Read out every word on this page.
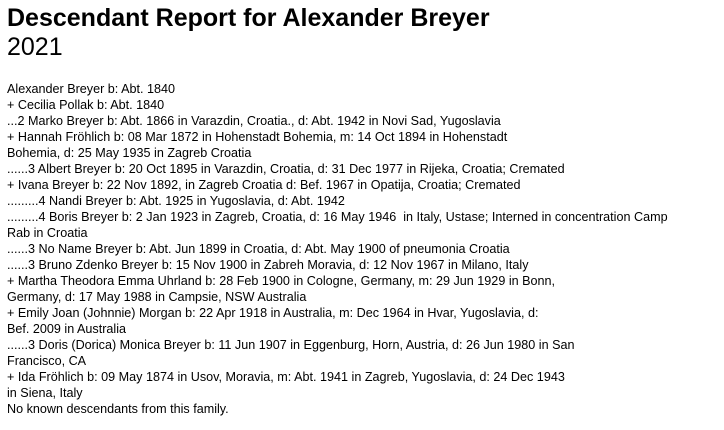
Descendant Report for Alexander Breyer
2021
Alexander Breyer b: Abt. 1840
+ Cecilia Pollak b: Abt. 1840
...2 Marko Breyer b: Abt. 1866 in Varazdin, Croatia., d: Abt. 1942 in Novi Sad, Yugoslavia
+ Hannah Fröhlich b: 08 Mar 1872 in Hohenstadt Bohemia, m: 14 Oct 1894 in Hohenstadt
Bohemia, d: 25 May 1935 in Zagreb Croatia
......3 Albert Breyer b: 20 Oct 1895 in Varazdin, Croatia, d: 31 Dec 1977 in Rijeka, Croatia; Cremated
+ Ivana Breyer b: 22 Nov 1892, in Zagreb Croatia d: Bef. 1967 in Opatija, Croatia; Cremated
.........4 Nandi Breyer b: Abt. 1925 in Yugoslavia, d: Abt. 1942
.........4 Boris Breyer b: 2 Jan 1923 in Zagreb, Croatia, d: 16 May 1946  in Italy, Ustase; Interned in concentration Camp
Rab in Croatia
......3 No Name Breyer b: Abt. Jun 1899 in Croatia, d: Abt. May 1900 of pneumonia Croatia
......3 Bruno Zdenko Breyer b: 15 Nov 1900 in Zabreh Moravia, d: 12 Nov 1967 in Milano, Italy
+ Martha Theodora Emma Uhrland b: 28 Feb 1900 in Cologne, Germany, m: 29 Jun 1929 in Bonn,
Germany, d: 17 May 1988 in Campsie, NSW Australia
+ Emily Joan (Johnnie) Morgan b: 22 Apr 1918 in Australia, m: Dec 1964 in Hvar, Yugoslavia, d:
Bef. 2009 in Australia
......3 Doris (Dorica) Monica Breyer b: 11 Jun 1907 in Eggenburg, Horn, Austria, d: 26 Jun 1980 in San
Francisco, CA
+ Ida Fröhlich b: 09 May 1874 in Usov, Moravia, m: Abt. 1941 in Zagreb, Yugoslavia, d: 24 Dec 1943
in Siena, Italy
No known descendants from this family.
